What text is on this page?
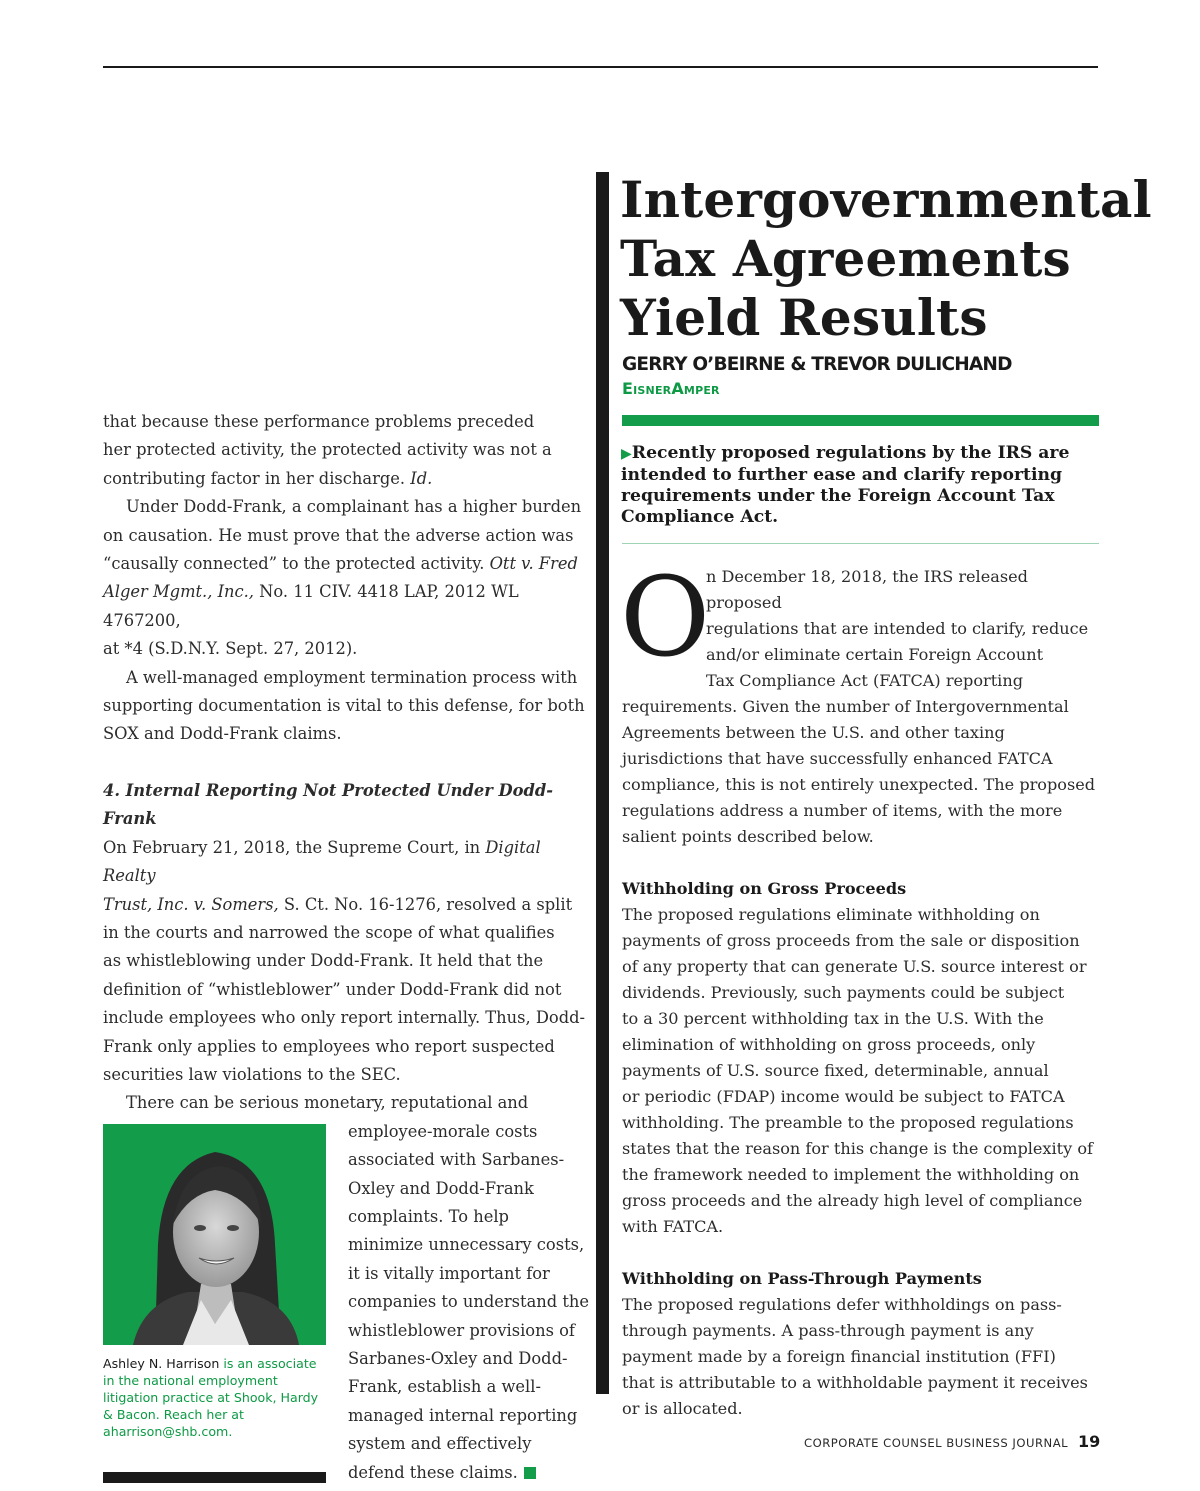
that because these performance problems preceded
her protected activity, the protected activity was not a
contributing factor in her discharge. Id.

Under Dodd-Frank, a complainant has a higher burden
on causation. He must prove that the adverse action was
“causally connected” to the protected activity. Ott v. Fred
Alger Mgmt., Inc., No. 11 CIV. 4418 LAP, 2012 WL 4767200,
at *4 (S.D.N.Y. Sept. 27, 2012).

A well-managed employment termination process with
supporting documentation is vital to this defense, for both
SOX and Dodd-Frank claims.

4. Internal Reporting Not Protected Under Dodd-Frank

On February 21, 2018, the Supreme Court, in Digital Realty
Trust, Inc. v. Somers, S. Ct. No. 16-1276, resolved a split
in the courts and narrowed the scope of what qualifies
as whistleblowing under Dodd-Frank. It held that the
definition of “whistleblower” under Dodd-Frank did not
include employees who only report internally. Thus, Dodd-
Frank only applies to employees who report suspected
securities law violations to the SEC.

There can be serious monetary, reputational and

Ashley N. Harrison is an associate in the national employment litigation practice at Shook, Hardy & Bacon. Reach her at aharrison@shb.com.
employee-morale costs
associated with Sarbanes-
Oxley and Dodd-Frank
complaints. To help
minimize unnecessary costs,
it is vitally important for
companies to understand the
whistleblower provisions of
Sarbanes-Oxley and Dodd-
Frank, establish a well-
managed internal reporting
system and effectively
defend these claims.
Intergovernmental
Tax Agreements
Yield Results
GERRY O’BEIRNE & TREVOR DULICHAND
EisnerAmper
▶Recently proposed regulations by the IRS are intended to further ease and clarify reporting requirements under the Foreign Account Tax Compliance Act.
O

n December 18, 2018, the IRS released proposed
regulations that are intended to clarify, reduce
and/or eliminate certain Foreign Account
Tax Compliance Act (FATCA) reporting
requirements. Given the number of Intergovernmental
Agreements between the U.S. and other taxing
jurisdictions that have successfully enhanced FATCA
compliance, this is not entirely unexpected. The proposed
regulations address a number of items, with the more
salient points described below.

Withholding on Gross Proceeds

The proposed regulations eliminate withholding on
payments of gross proceeds from the sale or disposition
of any property that can generate U.S. source interest or
dividends. Previously, such payments could be subject
to a 30 percent withholding tax in the U.S. With the
elimination of withholding on gross proceeds, only
payments of U.S. source fixed, determinable, annual
or periodic (FDAP) income would be subject to FATCA
withholding. The preamble to the proposed regulations
states that the reason for this change is the complexity of
the framework needed to implement the withholding on
gross proceeds and the already high level of compliance
with FATCA.

Withholding on Pass-Through Payments

The proposed regulations defer withholdings on pass-
through payments. A pass-through payment is any
payment made by a foreign financial institution (FFI)
that is attributable to a withholdable payment it receives
or is allocated.

CORPORATE COUNSEL BUSINESS JOURNAL 19
